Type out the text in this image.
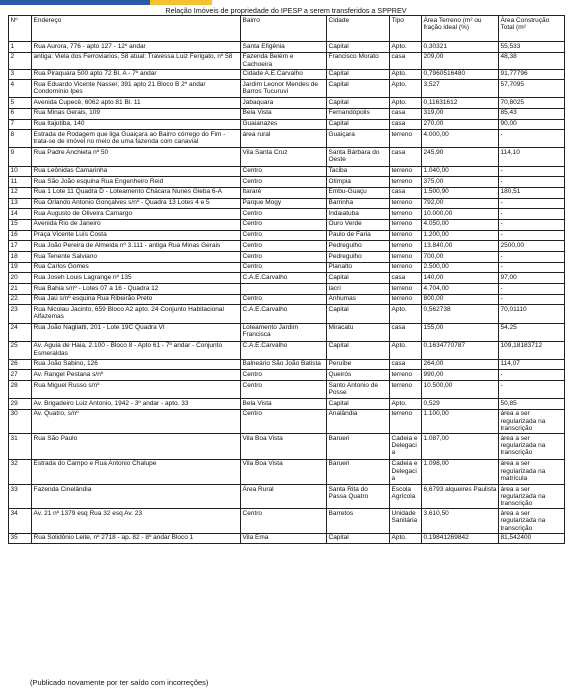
Relação Imóveis de propriedade do IPESP a serem transferidos a SPPREV
Nº	Endereço	Bairro	Cidade	Tipo	Área Terreno (m² ou fração ideal (%)	Área Construção Total (m²
1	Rua Aurora, 776 - apto 127 - 12º andar	Santa Efigênia	Capital	Apto.	0,30321	55,533
2	antiga: Viela dos Ferroviarios, 58 atual: Travessa Luiz Ferigato, nº 58	Fazenda Belém e Cachoeira	Francisco Morato	casa	209,00	48,38
3	Rua Piraquara 500 apto 72 Bl. A - 7º andar	Cidade A.E.Carvalho	Capital	Apto.	0,7960516480	91,77796
4	Rua Eduardo Vicente Nasser, 391 apto 21 Bloco B 2º andar Condomínio Ipes	Jardim Leonor Mendes de Barros Tucuruvi	Capital	Apto.	3,527	57,7095
5	Avenida Cupecê, 6062 apto 81 Bl. 11	Jabaquara	Capital	Apto.	0,11631612	70,8025
6	Rua Minas Gerais, 109	Bela Vista	Fernandópolis	casa	319,00	85,43
7	Rua Itajutiba, 140	Guaianazes	Capital	casa	270,00	90,00
8	Estrada de Rodagem que liga Guaiçara ao Bairro córrego do Fim - trata-se de imóvel no meio de uma fazenda com canavial	área rural	Guaiçara	terreno	4.000,00	-
9	Rua Padre Anchieta nº 50	Vila Santa Cruz	Santa Bárbara do Oeste	casa	245,90	114,10
10	Rua Leônidas Camarinha	Centro	Taciba	terreno	1.040,00	-
11	Rua São João esquina Rua Engenheiro Reid	Centro	Olímpia	terreno	375,00	-
12	Rua 1 Lote 11 Quadra D - Loteamento Chácara Nunes Gleba 6-A	Itararé	Embu-Guaçu	casa	1.500,90	180,51
13	Rua Orlando Antonio Gonçalves s/nº - Quadra 13 Lotes 4 e 5	Parque Mogy	Barrinha	terreno	792,00	-
14	Rua Augusto de Oliveira Camargo	Centro	Indaiatuba	terreno	10.000,00	-
15	Avenida Rio de Janeiro	Centro	Ouro Verde	terreno	4.050,00	-
16	Praça Vicente Luís Costa	Centro	Paulo de Faria	terreno	1.200,00	-
17	Rua João Pereira de Almeida nº 3.111 - antiga Rua Minas Gerais	Centro	Pedregulho	terreno	13.840,00	2500,00
18	Rua Tenente Salviano	Centro	Pedregulho	terreno	700,00	-
19	Rua Carlos Gomes	Centro	Planalto	terreno	2.500,00	-
20	Rua Joseh Louis Lagrange nº 135	C.A.E.Carvalho	Capital	casa	140,00	97,00
21	Rua Bahia s/nº - Lotes 07 a 16 - Quadra 12		Iacri	terreno	4.704,00	-
22	Rua Jaú s/nº esquina Rua Ribeirão Preto	Centro	Anhumas	terreno	800,00	-
23	Rua Nicolau Jacinto, 659 Bloco A2 apto. 24 Conjunto Habitacional Alfazemas	C.A.E.Carvalho	Capital	Apto.	0,562738	70,01110
24	Rua João Nagliatti, 201 - Lote 19C Quadra VI	Loteamento Jardim Francisca	Miracatu	casa	155,00	54,25
25	Av. Águia de Haia, 2.100 - Bloco 8 - Apto 61 - 7º andar - Conjunto Esmeraldas	C.A.E.Carvalho	Capital	Apto.	0,1634770787	109,18183712
26	Rua João Sabino, 126	Balneário São João Batista	Peruíbe	casa	264,00	114,07
27	Av. Rangel Pestana s/nº	Centro	Queirós	terreno	990,00	-
28	Rua Miguel Russo s/nº	Centro	Santo Antonio de Posse	terreno	10.500,00	-
29	Av. Brigadeiro Luiz Antonio, 1942 - 3º andar - apto. 33	Bela Vista	Capital	Apto.	0,529	50,85
30	Av. Quatro, s/nº	Centro	Analândia	terreno	1.100,00	área a ser regularizada na transcrição
31	Rua São Paulo	Vila Boa Vista	Barueri	Cadeia e Delegacia	1.087,00	área a ser regularizada na transcrição
32	Estrada do Campo e Rua Antonio Chalupe	Vila Boa Vista	Barueri	Cadeia e Delegacia	1.098,00	área a ser regularizada na matrícula
33	Fazenda Cinelândia	Área Rural	Santa Rita do Passa Quatro	Escola Agrícola	6,6793 alqueires Paulista	área a ser regularizada na transcrição
34	Av. 21 nº 1379 esq Rua 32 esq Av. 23	Centro	Barretos	Unidade Sanitária	3.610,50	área a ser regularizada na transcrição
35	Rua Solidônio Leite, nº 2718 - ap. 82 - 8º andar Bloco 1	Vila Ema	Capital	Apto.	0,19841269842	81,542400
(Publicado novamente por ter saído com incorreções)
